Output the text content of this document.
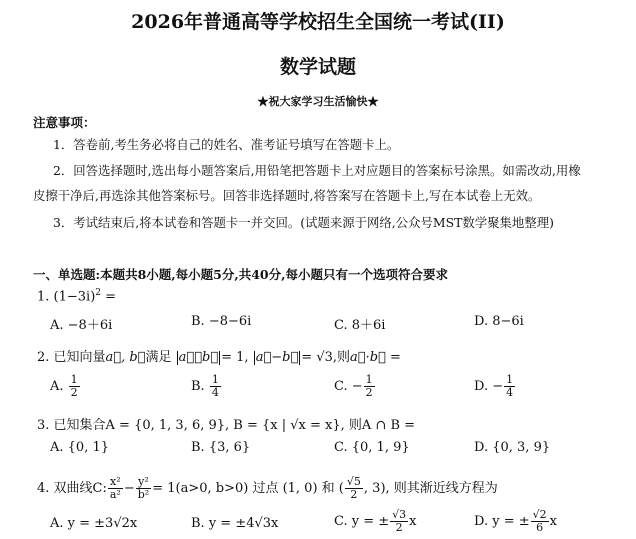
2026年普通高等学校招生全国统一考试(II)
数学试题
★祝大家学习生活愉快★
注意事项：
1．答卷前,考生务必将自己的姓名、准考证号填写在答题卡上。
2．回答选择题时,选出每小题答案后,用铅笔把答题卡上对应题目的答案标号涂黑。如需改动,用橡
皮擦干净后,再选涂其他答案标号。回答非选择题时,将答案写在答题卡上,写在本试卷上无效。
3．考试结束后,将本试卷和答题卡一并交回。(试题来源于网络,公众号MST数学聚集地整理)
一、单选题:本题共8小题,每小题5分,共40分,每小题只有一个选项符合要求
1. $(1-3i)^2$ =
A. −8＋6i	B. −8−6i	C. 8＋6i	D. 8−6i
2. 已知向量a⃗, b⃗满足 a⃗＋b⃗ = 1, a⃗−b⃗ = √3,则a⃗·b⃗ =
A. $\frac{1}{2}$	B. $\frac{1}{4}$	C. − $\frac{1}{2}$	D. − $\frac{1}{4}$
3. 已知集合A = {0, 1, 3, 6, 9}, B = {x | √x = x}, 则A ∩ B =
A. {0, 1}	B. {3, 6}	C. {0, 1, 9}	D. {0, 3, 9}
4. 双曲线C: $\frac{\text{x²}}{\text{a²}} - \frac{\text{y²}}{\text{b²}} = 1(a>0$, b>0) 过点 (1, 0) 和 ( $\frac{√5}{2}$ , 3), 则其渐近线方程为
A. y = ±3√2x	B. y = ±4√3x	C. y = ± $\frac{√3}{2}$ x	D. y = ± $\frac{√2}{6}$ x
